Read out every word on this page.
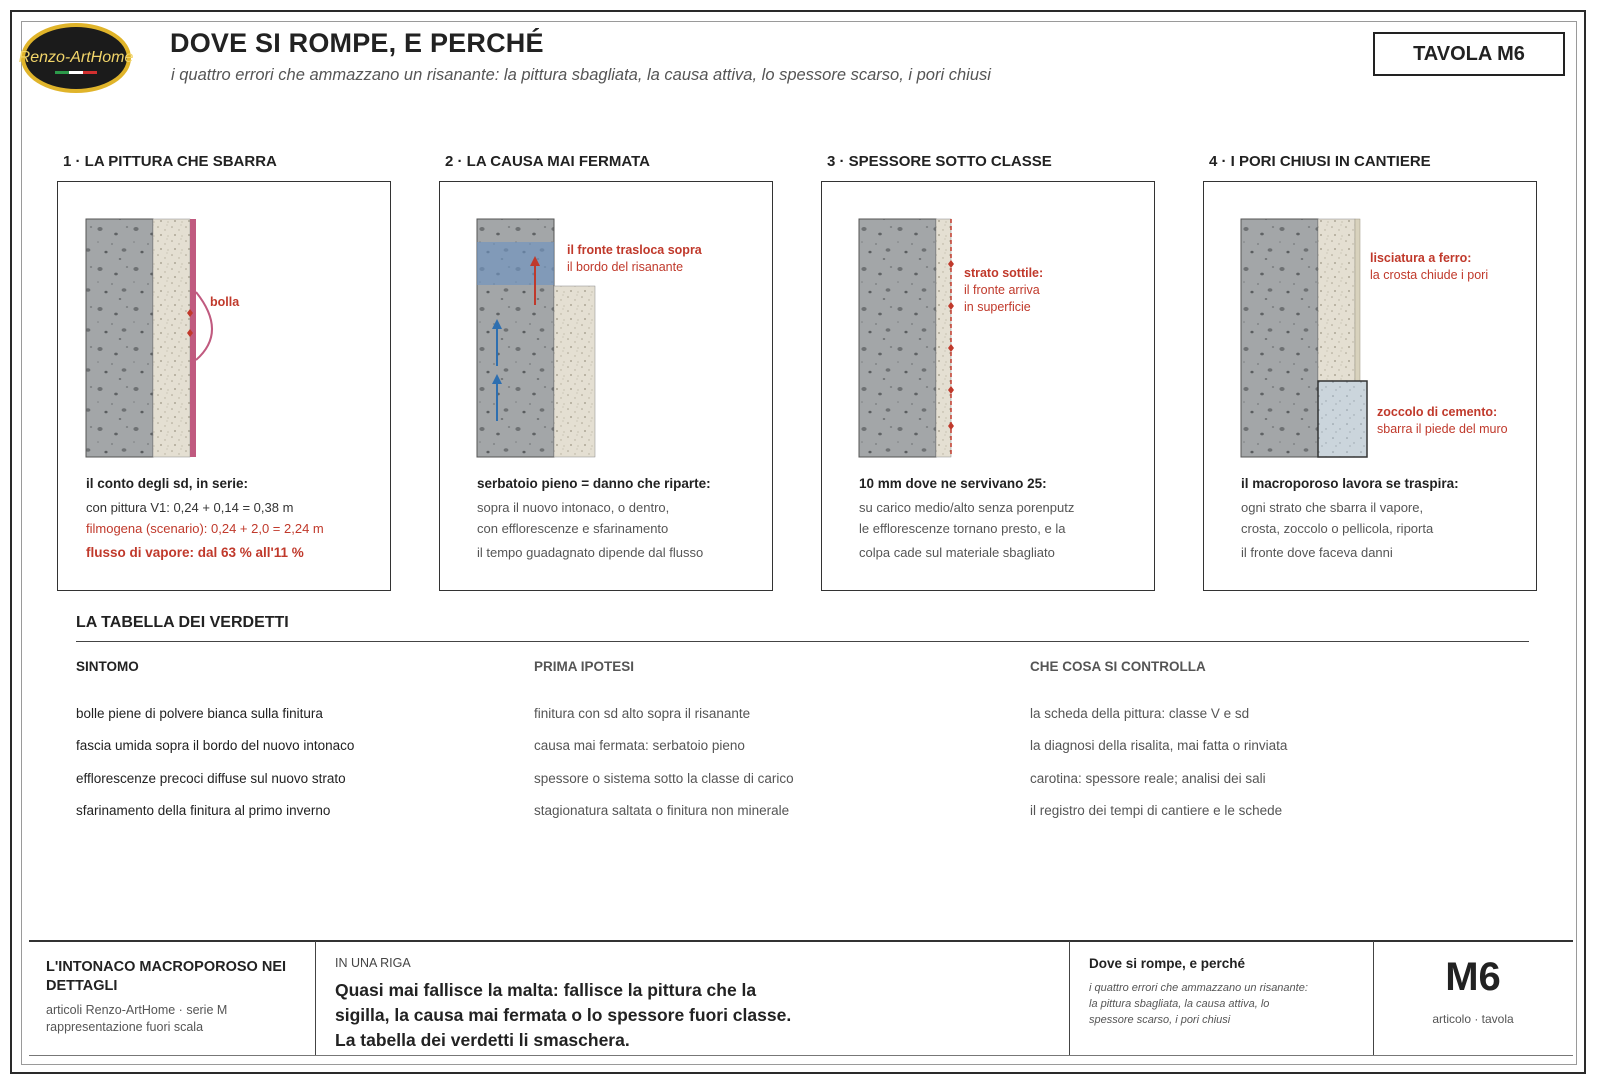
Renzo-ArtHome DOVE SI ROMPE, E PERCHÉ
i quattro errori che ammazzano un risanante: la pittura sbagliata, la causa attiva, lo spessore scarso, i pori chiusi
TAVOLA M6
1 · LA PITTURA CHE SBARRA	2 · LA CAUSA MAI FERMATA	3 · SPESSORE SOTTO CLASSE	4 · I PORI CHIUSI IN CANTIERE
bolla
il conto degli sd, in serie:
con pittura V1: 0,24 + 0,14 = 0,38 m
filmogena (scenario): 0,24 + 2,0 = 2,24 m
flusso di vapore: dal 63 % all'11 %
il fronte trasloca sopra
il bordo del risanante
serbatoio pieno = danno che riparte:
sopra il nuovo intonaco, o dentro,
con efflorescenze e sfarinamento
il tempo guadagnato dipende dal flusso
strato sottile:
il fronte arriva
in superficie
10 mm dove ne servivano 25:
su carico medio/alto senza porenputz
le efflorescenze tornano presto, e la
colpa cade sul materiale sbagliato
lisciatura a ferro:
la crosta chiude i pori
zoccolo di cemento:
sbarra il piede del muro
il macroporoso lavora se traspira:
ogni strato che sbarra il vapore,
crosta, zoccolo o pellicola, riporta
il fronte dove faceva danni
LA TABELLA DEI VERDETTI
SINTOMO	PRIMA IPOTESI	CHE COSA SI CONTROLLA
bolle piene di polvere bianca sulla finitura	finitura con sd alto sopra il risanante	la scheda della pittura: classe V e sd
fascia umida sopra il bordo del nuovo intonaco	causa mai fermata: serbatoio pieno	la diagnosi della risalita, mai fatta o rinviata
efflorescenze precoci diffuse sul nuovo strato	spessore o sistema sotto la classe di carico	carotina: spessore reale; analisi dei sali
sfarinamento della finitura al primo inverno	stagionatura saltata o finitura non minerale	il registro dei tempi di cantiere e le schede
L'INTONACO MACROPOROSO NEI DETTAGLI
articoli Renzo-ArtHome · serie M
rappresentazione fuori scala
IN UNA RIGA
Quasi mai fallisce la malta: fallisce la pittura che la
sigilla, la causa mai fermata o lo spessore fuori classe.
La tabella dei verdetti li smaschera.
Dove si rompe, e perché
i quattro errori che ammazzano un risanante:
la pittura sbagliata, la causa attiva, lo
spessore scarso, i pori chiusi
M6
articolo · tavola
